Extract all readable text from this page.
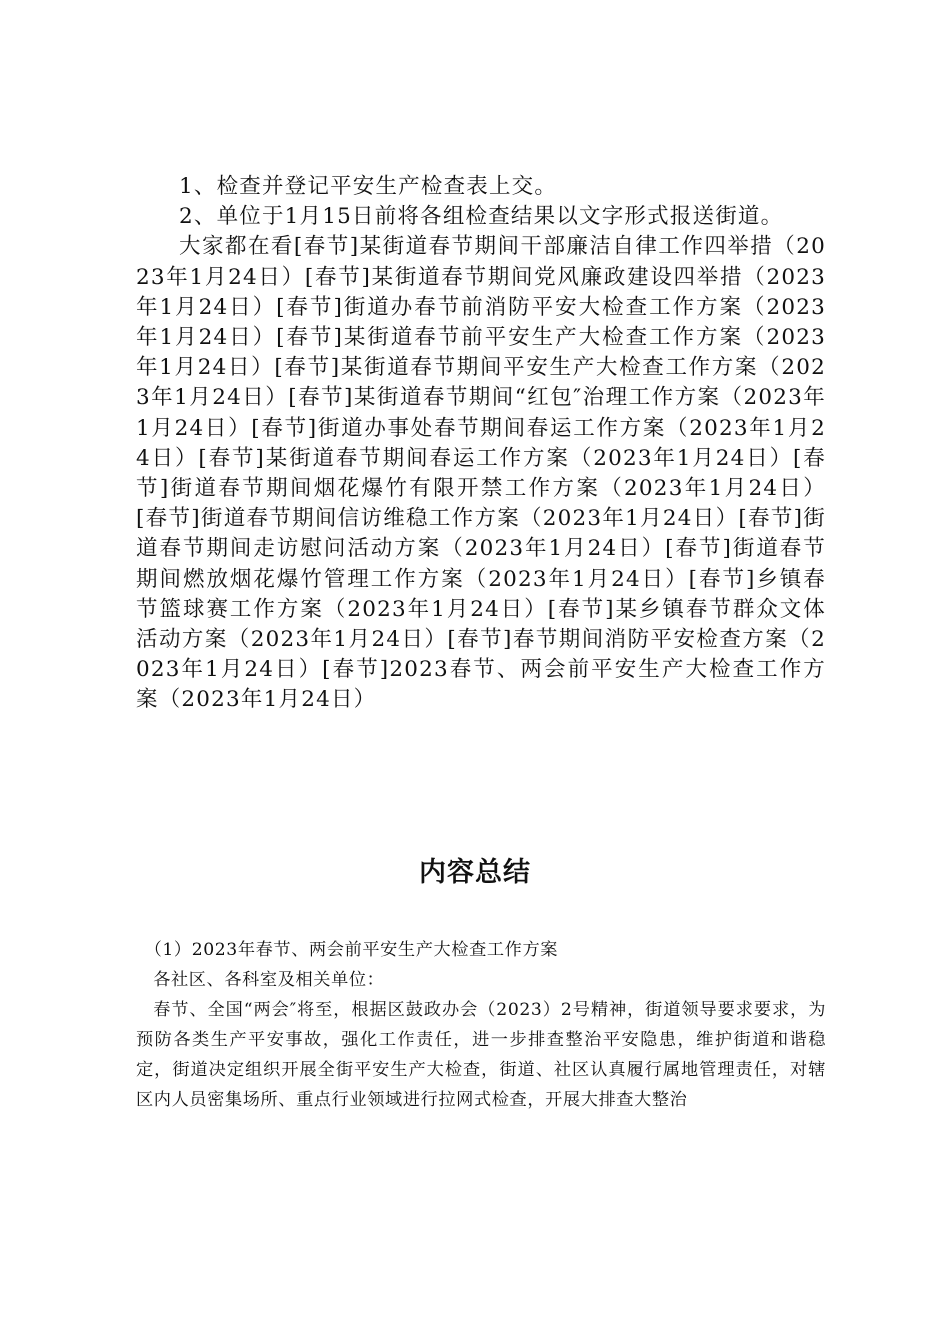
1、检查并登记平安生产检查表上交。

2、单位于1月15日前将各组检查结果以文字形式报送街道。

大家都在看[春节]某街道春节期间干部廉洁自律工作四举措（2023年1月24日）[春节]某街道春节期间党风廉政建设四举措（2023年1月24日）[春节]街道办春节前消防平安大检查工作方案（2023年1月24日）[春节]某街道春节前平安生产大检查工作方案（2023年1月24日）[春节]某街道春节期间平安生产大检查工作方案（2023年1月24日）[春节]某街道春节期间“红包″治理工作方案（2023年1月24日）[春节]街道办事处春节期间春运工作方案（2023年1月24日）[春节]某街道春节期间春运工作方案（2023年1月24日）[春节]街道春节期间烟花爆竹有限开禁工作方案（2023年1月24日）[春节]街道春节期间信访维稳工作方案（2023年1月24日）[春节]街道春节期间走访慰问活动方案（2023年1月24日）[春节]街道春节期间燃放烟花爆竹管理工作方案（2023年1月24日）[春节]乡镇春节篮球赛工作方案（2023年1月24日）[春节]某乡镇春节群众文体活动方案（2023年1月24日）[春节]春节期间消防平安检查方案（2023年1月24日）[春节]2023春节、两会前平安生产大检查工作方案（2023年1月24日）

内容总结

（1）2023年春节、两会前平安生产大检查工作方案

各社区、各科室及相关单位：

春节、全国“两会″将至，根据区鼓政办会（2023）2号精神，街道领导要求要求，为预防各类生产平安事故，强化工作责任，进一步排查整治平安隐患，维护街道和谐稳定，街道决定组织开展全街平安生产大检查，街道、社区认真履行属地管理责任，对辖区内人员密集场所、重点行业领域进行拉网式检查，开展大排查大整治
